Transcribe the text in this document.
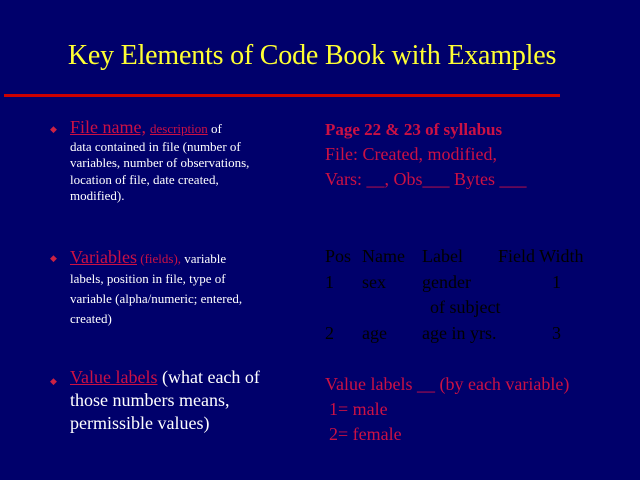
Key Elements of Code Book with Examples
◆ File name, description of
data contained in file (number of variables, number of observations, location of file, date created, modified).
◆ Variables (fields), variable labels, position in file, type of variable (alpha/numeric; entered, created)
◆ Value labels (what each of those numbers means, permissible values)
Page 22 & 23 of syllabus
File: Created, modified,
Vars: __, Obs___ Bytes ___
Pos Name Label Field Width
1 sex gender	1
of subject
2 age age in yrs.	3
Value labels __ (by each variable)
1= male
2= female
